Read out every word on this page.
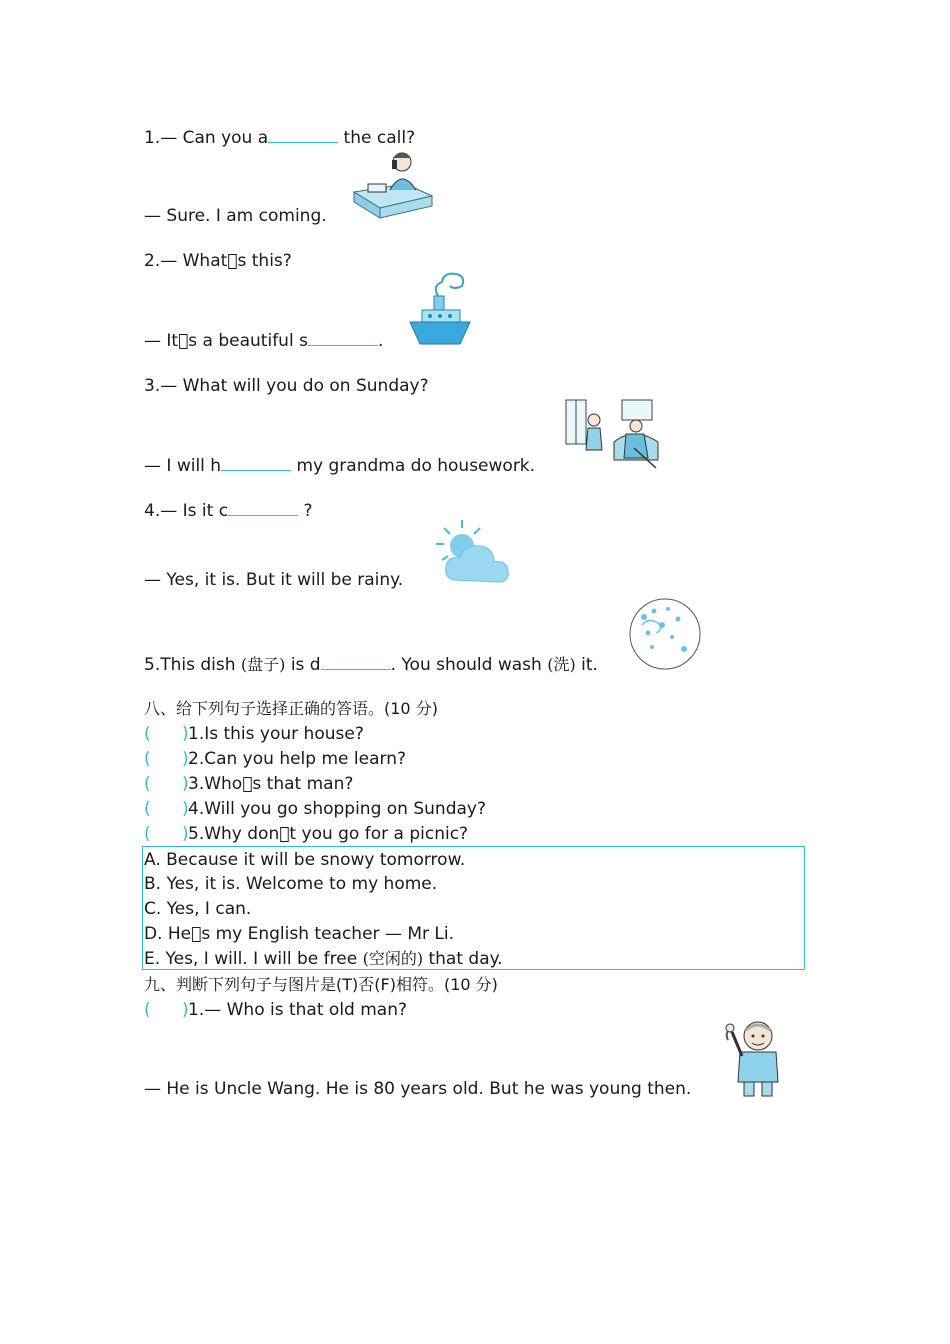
1.— Can you a	the call?
— Sure. I am coming.
2.— What s this?
— It s a beautiful s	.
3.— What will you do on Sunday?
— I will h	my grandma do housework.
4.— Is it c	?
— Yes, it is. But it will be rainy.
5.This dish (盘子) is d	. You should wash (洗) it.
八、给下列句子选择正确的答语。(10 分)
( )1.Is this your house?
( )2.Can you help me learn?
( )3.Who s that man?
( )4.Will you go shopping on Sunday?
( )5.Why don t you go for a picnic?
A. Because it will be snowy tomorrow.
B. Yes, it is. Welcome to my home.
C. Yes, I can.
D. He s my English teacher — Mr Li.
E. Yes, I will. I will be free (空闲的) that day.
九、判断下列句子与图片是(T)否(F)相符。(10 分)
( )1.— Who is that old man?
— He is Uncle Wang. He is 80 years old. But he was young then.
